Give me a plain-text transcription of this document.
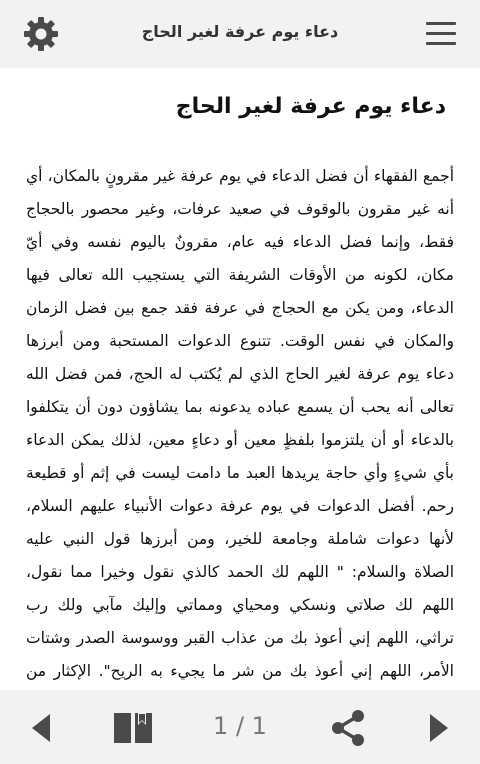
دعاء يوم عرفة لغير الحاج
دعاء يوم عرفة لغير الحاج

أجمع الفقهاء أن فضل الدعاء في يوم عرفة غير مقرونٍ بالمكان، أي أنه غير مقرون بالوقوف في صعيد عرفات، وغير محصور بالحجاج فقط، وإنما فضل الدعاء فيه عام، مقرونٌ باليوم نفسه وفي أيّ مكان، لكونه من الأوقات الشريفة التي يستجيب الله تعالى فيها الدعاء، ومن يكن مع الحجاج في عرفة فقد جمع بين فضل الزمان والمكان في نفس الوقت. تتنوع الدعوات المستحبة ومن أبرزها دعاء يوم عرفة لغير الحاج الذي لم يُكتب له الحج، فمن فضل الله تعالى أنه يحب أن يسمع عباده يدعونه بما يشاؤون دون أن يتكلفوا بالدعاء أو أن يلتزموا بلفظٍ معين أو دعاءٍ معين، لذلك يمكن الدعاء بأي شيءٍ وأي حاجة يريدها العبد ما دامت ليست في إثم أو قطيعة رحم. أفضل الدعوات في يوم عرفة دعوات الأنبياء عليهم السلام، لأنها دعوات شاملة وجامعة للخير، ومن أبرزها قول النبي عليه الصلاة والسلام: " اللهم لك الحمد كالذي نقول وخيرا مما نقول، اللهم لك صلاتي ونسكي ومحياي ومماتي وإليك مآبي ولك رب تراثي، اللهم إني أعوذ بك من عذاب القبر ووسوسة الصدر وشتات الأمر، اللهم إني أعوذ بك من شر ما يجيء به الريح". الإكثار من

1 / 1
